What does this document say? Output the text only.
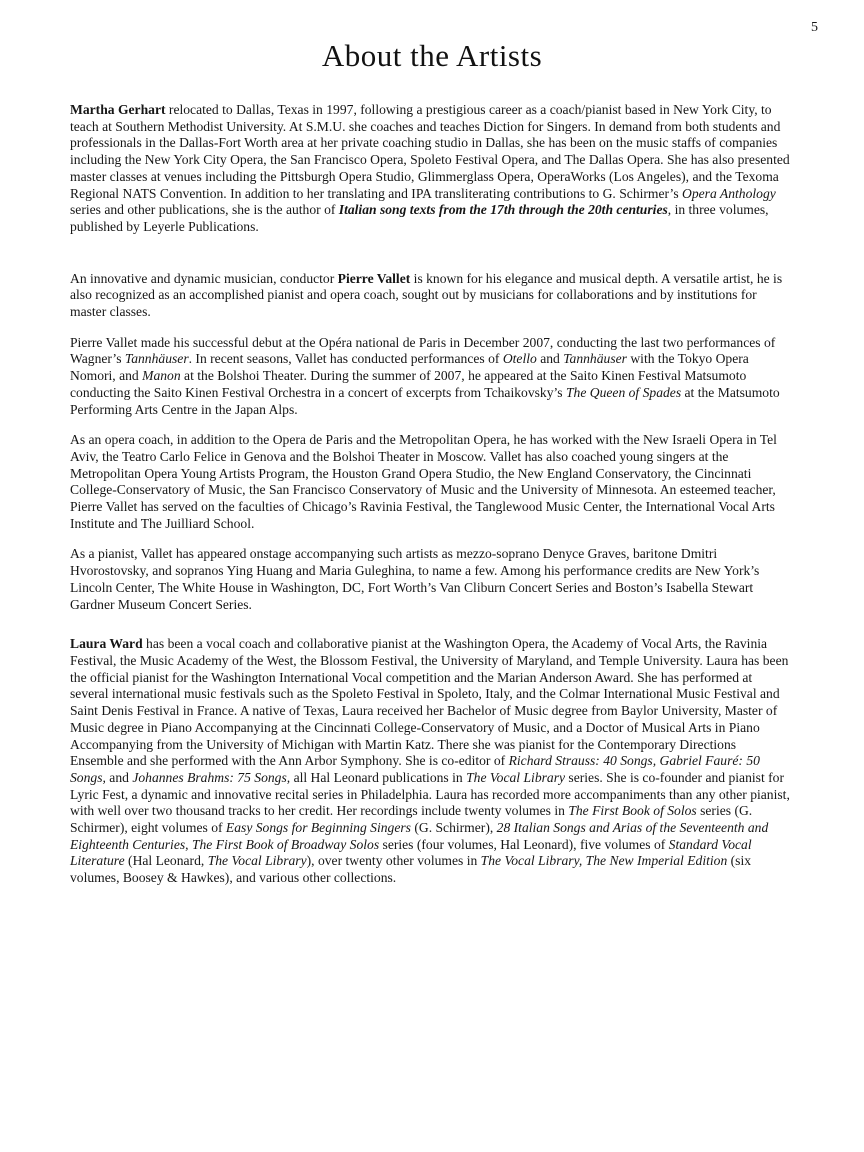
5
About the Artists

Martha Gerhart relocated to Dallas, Texas in 1997, following a prestigious career as a coach/pianist based in New York City, to teach at Southern Methodist University. At S.M.U. she coaches and teaches Diction for Singers. In demand from both students and professionals in the Dallas-Fort Worth area at her private coaching studio in Dallas, she has been on the music staffs of companies including the New York City Opera, the San Francisco Opera, Spoleto Festival Opera, and The Dallas Opera. She has also presented master classes at venues including the Pittsburgh Opera Studio, Glimmerglass Opera, OperaWorks (Los Angeles), and the Texoma Regional NATS Convention. In addition to her translating and IPA transliterating contributions to G. Schirmer’s Opera Anthology series and other publications, she is the author of Italian song texts from the 17th through the 20th centuries, in three volumes, published by Leyerle Publications.

An innovative and dynamic musician, conductor Pierre Vallet is known for his elegance and musical depth. A versatile artist, he is also recognized as an accomplished pianist and opera coach, sought out by musicians for collaborations and by institutions for master classes.

Pierre Vallet made his successful debut at the Opéra national de Paris in December 2007, conducting the last two performances of Wagner’s Tannhäuser. In recent seasons, Vallet has conducted performances of Otello and Tannhäuser with the Tokyo Opera Nomori, and Manon at the Bolshoi Theater. During the summer of 2007, he appeared at the Saito Kinen Festival Matsumoto conducting the Saito Kinen Festival Orchestra in a concert of excerpts from Tchaikovsky’s The Queen of Spades at the Matsumoto Performing Arts Centre in the Japan Alps.

As an opera coach, in addition to the Opera de Paris and the Metropolitan Opera, he has worked with the New Israeli Opera in Tel Aviv, the Teatro Carlo Felice in Genova and the Bolshoi Theater in Moscow. Vallet has also coached young singers at the Metropolitan Opera Young Artists Program, the Houston Grand Opera Studio, the New England Conservatory, the Cincinnati College-Conservatory of Music, the San Francisco Conservatory of Music and the University of Minnesota. An esteemed teacher, Pierre Vallet has served on the faculties of Chicago’s Ravinia Festival, the Tanglewood Music Center, the International Vocal Arts Institute and The Juilliard School.

As a pianist, Vallet has appeared onstage accompanying such artists as mezzo-soprano Denyce Graves, baritone Dmitri Hvorostovsky, and sopranos Ying Huang and Maria Guleghina, to name a few. Among his performance credits are New York’s Lincoln Center, The White House in Washington, DC, Fort Worth’s Van Cliburn Concert Series and Boston’s Isabella Stewart Gardner Museum Concert Series.

Laura Ward has been a vocal coach and collaborative pianist at the Washington Opera, the Academy of Vocal Arts, the Ravinia Festival, the Music Academy of the West, the Blossom Festival, the University of Maryland, and Temple University. Laura has been the official pianist for the Washington International Vocal competition and the Marian Anderson Award. She has performed at several international music festivals such as the Spoleto Festival in Spoleto, Italy, and the Colmar International Music Festival and Saint Denis Festival in France. A native of Texas, Laura received her Bachelor of Music degree from Baylor University, Master of Music degree in Piano Accompanying at the Cincinnati College-Conservatory of Music, and a Doctor of Musical Arts in Piano Accompanying from the University of Michigan with Martin Katz. There she was pianist for the Contemporary Directions Ensemble and she performed with the Ann Arbor Symphony. She is co-editor of Richard Strauss: 40 Songs, Gabriel Fauré: 50 Songs, and Johannes Brahms: 75 Songs, all Hal Leonard publications in The Vocal Library series. She is co-founder and pianist for Lyric Fest, a dynamic and innovative recital series in Philadelphia. Laura has recorded more accompaniments than any other pianist, with well over two thousand tracks to her credit. Her recordings include twenty volumes in The First Book of Solos series (G. Schirmer), eight volumes of Easy Songs for Beginning Singers (G. Schirmer), 28 Italian Songs and Arias of the Seventeenth and Eighteenth Centuries, The First Book of Broadway Solos series (four volumes, Hal Leonard), five volumes of Standard Vocal Literature (Hal Leonard, The Vocal Library), over twenty other volumes in The Vocal Library, The New Imperial Edition (six volumes, Boosey & Hawkes), and various other collections.
